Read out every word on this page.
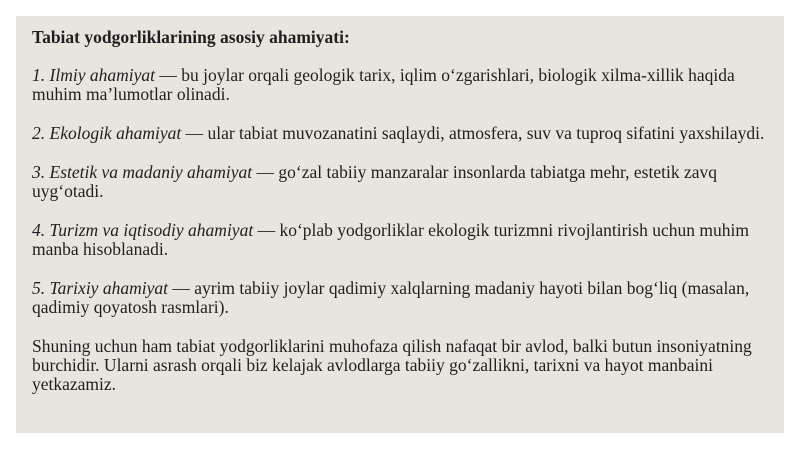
Tabiat yodgorliklarining asosiy ahamiyati:

1. Ilmiy ahamiyat — bu joylar orqali geologik tarix, iqlim o‘zgarishlari, biologik xilma-xillik haqida muhim ma’lumotlar olinadi.

2. Ekologik ahamiyat — ular tabiat muvozanatini saqlaydi, atmosfera, suv va tuproq sifatini yaxshilaydi.

3. Estetik va madaniy ahamiyat — go‘zal tabiiy manzaralar insonlarda tabiatga mehr, estetik zavq uyg‘otadi.

4. Turizm va iqtisodiy ahamiyat — ko‘plab yodgorliklar ekologik turizmni rivojlantirish uchun muhim manba hisoblanadi.

5. Tarixiy ahamiyat — ayrim tabiiy joylar qadimiy xalqlarning madaniy hayoti bilan bog‘liq (masalan, qadimiy qoyatosh rasmlari).

Shuning uchun ham tabiat yodgorliklarini muhofaza qilish nafaqat bir avlod, balki butun insoniyatning burchidir. Ularni asrash orqali biz kelajak avlodlarga tabiiy go‘zallikni, tarixni va hayot manbaini yetkazamiz.
